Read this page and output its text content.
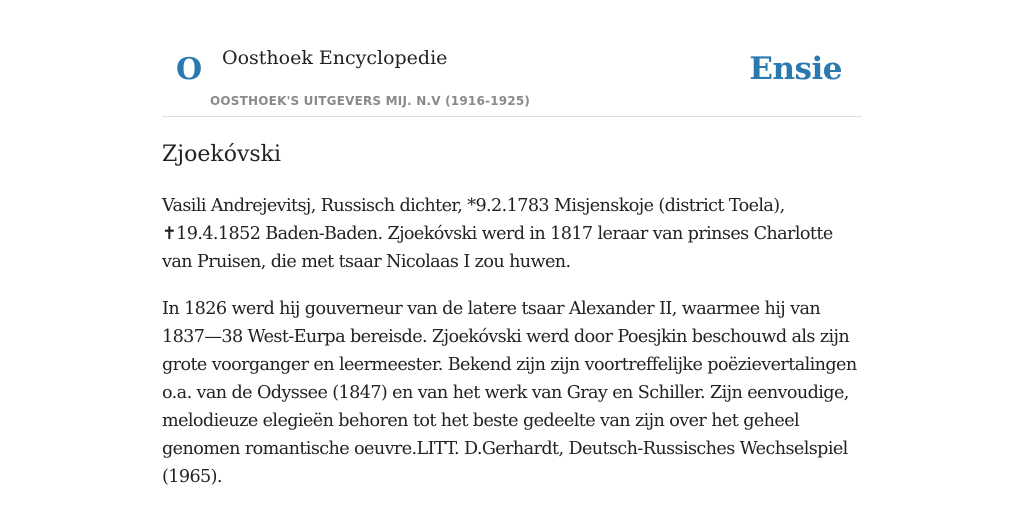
O Oosthoek Encyclopedie
OOSTHOEK'S UITGEVERS MIJ. N.V (1916-1925)
Ensie
Zjoekóvski

Vasili Andrejevitsj, Russisch dichter, *9.2.1783 Misjenskoje (district Toela), ✝19.4.1852 Baden-Baden. Zjoekóvski werd in 1817 leraar van prinses Charlotte van Pruisen, die met tsaar Nicolaas I zou huwen.

In 1826 werd hij gouverneur van de latere tsaar Alexander II, waarmee hij van 1837—38 West-Eurpa bereisde. Zjoekóvski werd door Poesjkin beschouwd als zijn grote voorganger en leermeester. Bekend zijn zijn voortreffelijke poëzievertalingen o.a. van de Odyssee (1847) en van het werk van Gray en Schiller. Zijn eenvoudige, melodieuze elegieën behoren tot het beste gedeelte van zijn over het geheel genomen romantische oeuvre.LITT. D.Gerhardt, Deutsch-Russisches Wechselspiel (1965).
